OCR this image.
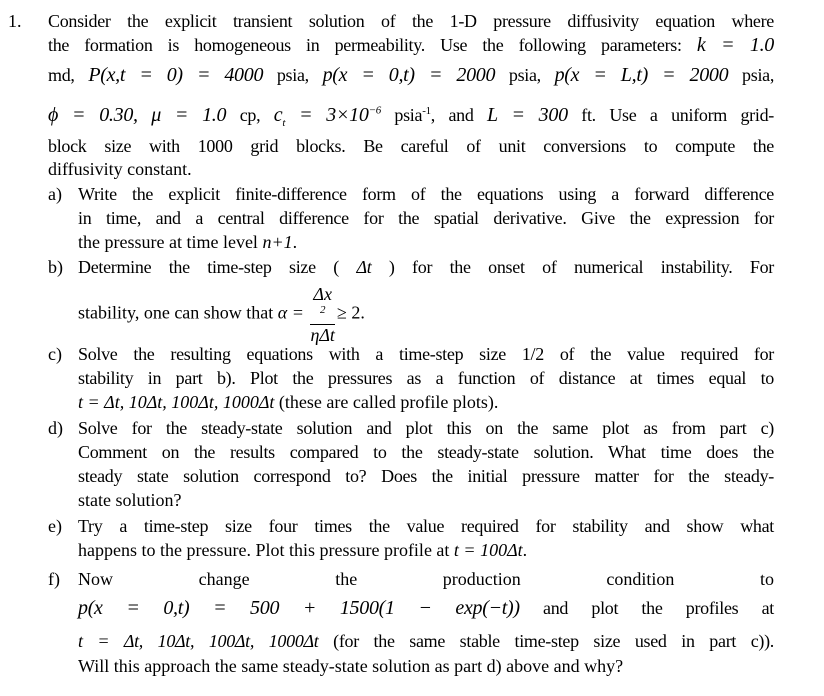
1. Consider the explicit transient solution of the 1-D pressure diffusivity equation where
the formation is homogeneous in permeability. Use the following parameters: k = 1.0
md, P(x,t = 0) = 4000 psia, p(x = 0,t) = 2000 psia, p(x = L,t) = 2000 psia,
ϕ = 0.30, μ = 1.0 cp, $c_t = 3\times 10^{-6}$ psia$^{-1}$, and L = 300 ft. Use a uniform grid-
block size with 1000 grid blocks. Be careful of unit conversions to compute the
diffusivity constant.
a) Write the explicit finite-difference form of the equations using a forward difference
in time, and a central difference for the spatial derivative. Give the expression for
the pressure at time level n+1.
b) Determine the time-step size ( Δt ) for the onset of numerical instability. For
stability, one can show that α = Δx
$^2$
ηΔt ≥ 2.
c) Solve the resulting equations with a time-step size 1/2 of the value required for
stability in part b). Plot the pressures as a function of distance at times equal to
t = Δt, 10Δt, 100Δt, 1000Δt (these are called profile plots).
d) Solve for the steady-state solution and plot this on the same plot as from part c)
Comment on the results compared to the steady-state solution. What time does the
steady state solution correspond to? Does the initial pressure matter for the steady-
state solution?
e) Try a time-step size four times the value required for stability and show what
happens to the pressure. Plot this pressure profile at t = 100Δt.
f) Now change the production condition to
p(x = 0,t) = 500 + 1500(1 − exp(−t)) and plot the profiles at
t = Δt, 10Δt, 100Δt, 1000Δt (for the same stable time-step size used in part c)).
Will this approach the same steady-state solution as part d) above and why?
